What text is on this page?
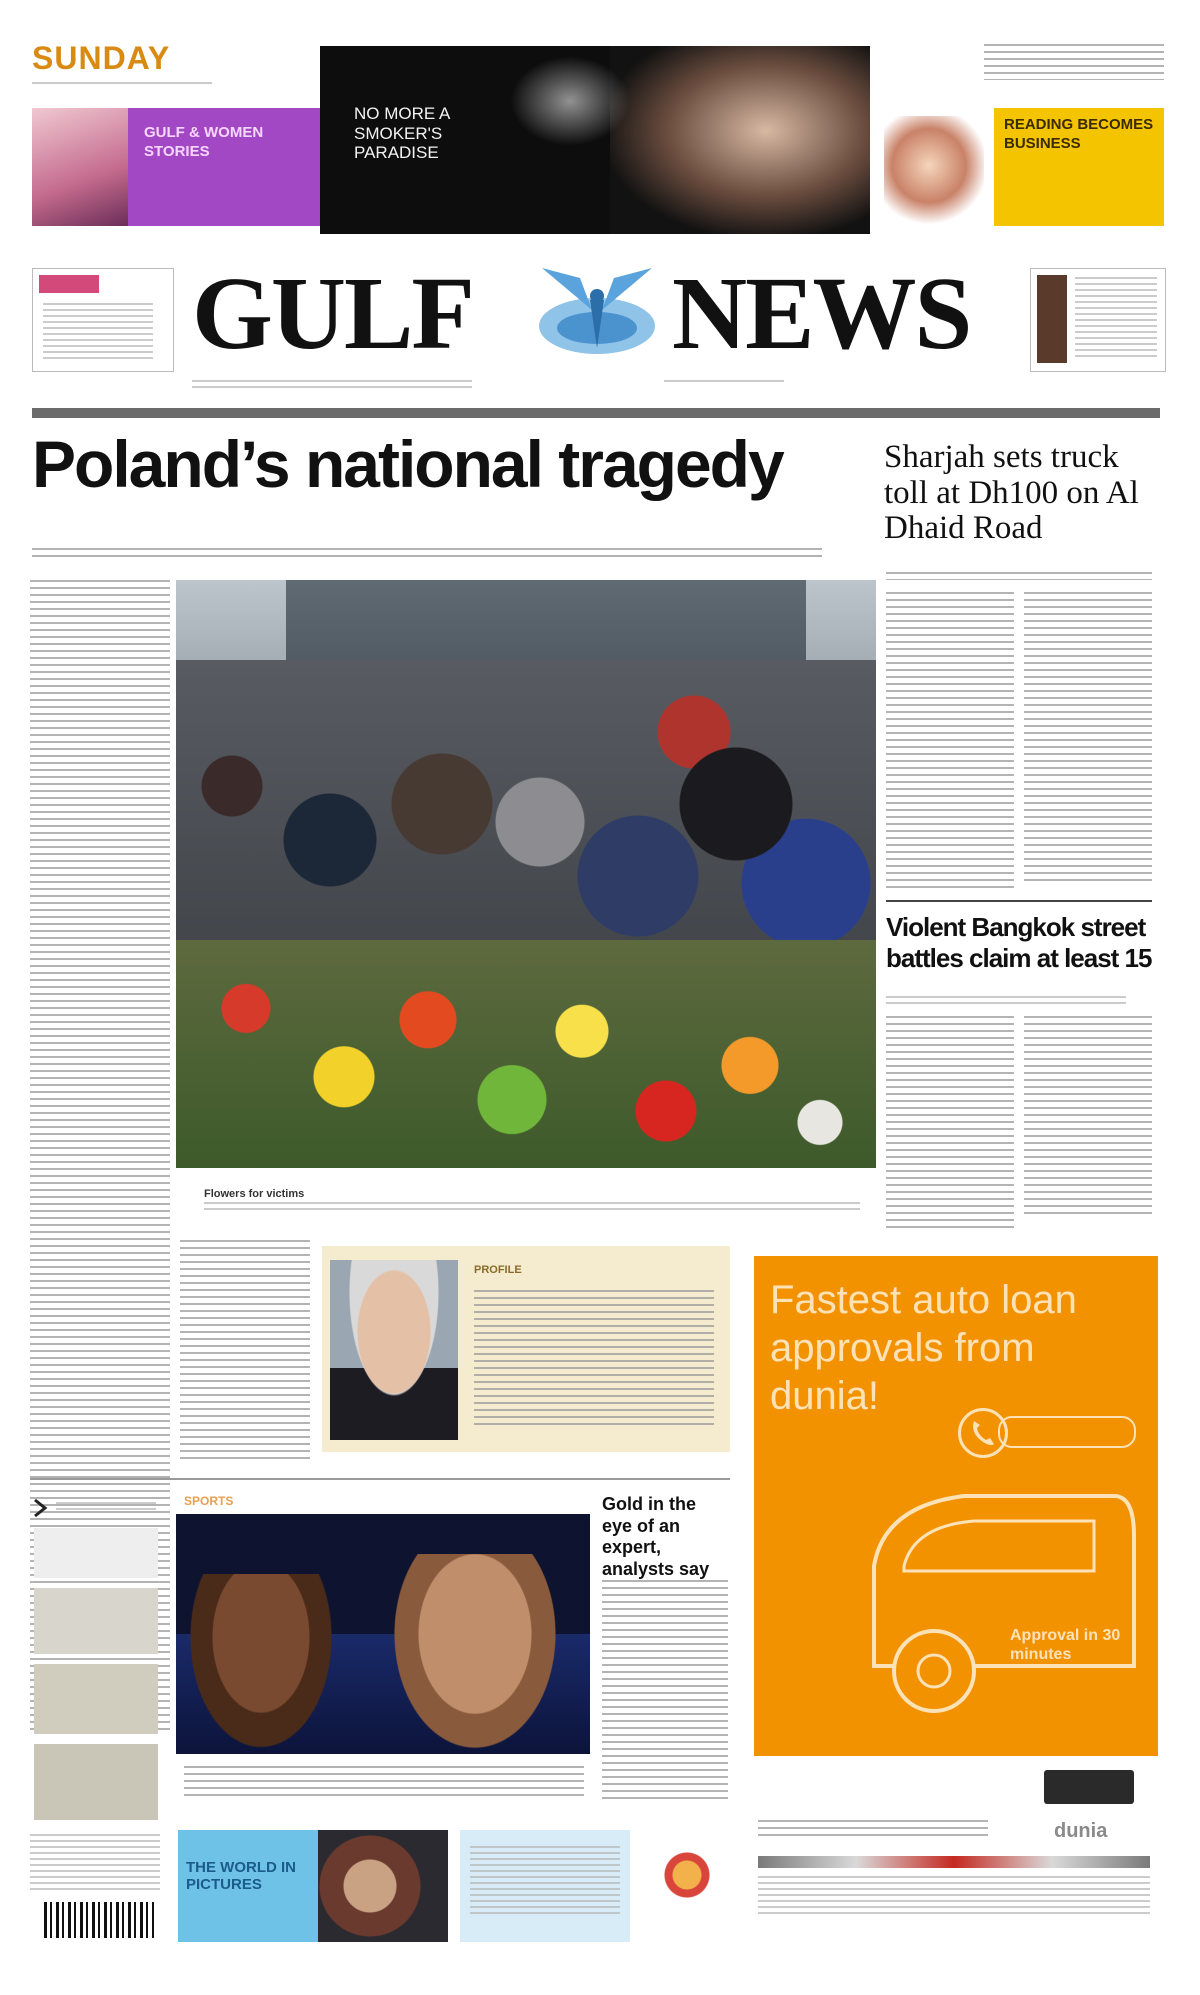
SUNDAY
GULF & WOMEN STORIES
NO MORE A SMOKER'S PARADISE
READING BECOMES BUSINESS
GULF NEWS
Poland’s national tragedy
Flowers for victims
Sharjah sets truck toll at Dh100 on Al Dhaid Road
Violent Bangkok street battles claim at least 15
PROFILE
Fastest auto loan approvals from dunia!
Approval in 30 minutes
dunia
SPORTS	Gold in the eye of an expert, analysts say
THE WORLD IN PICTURES
